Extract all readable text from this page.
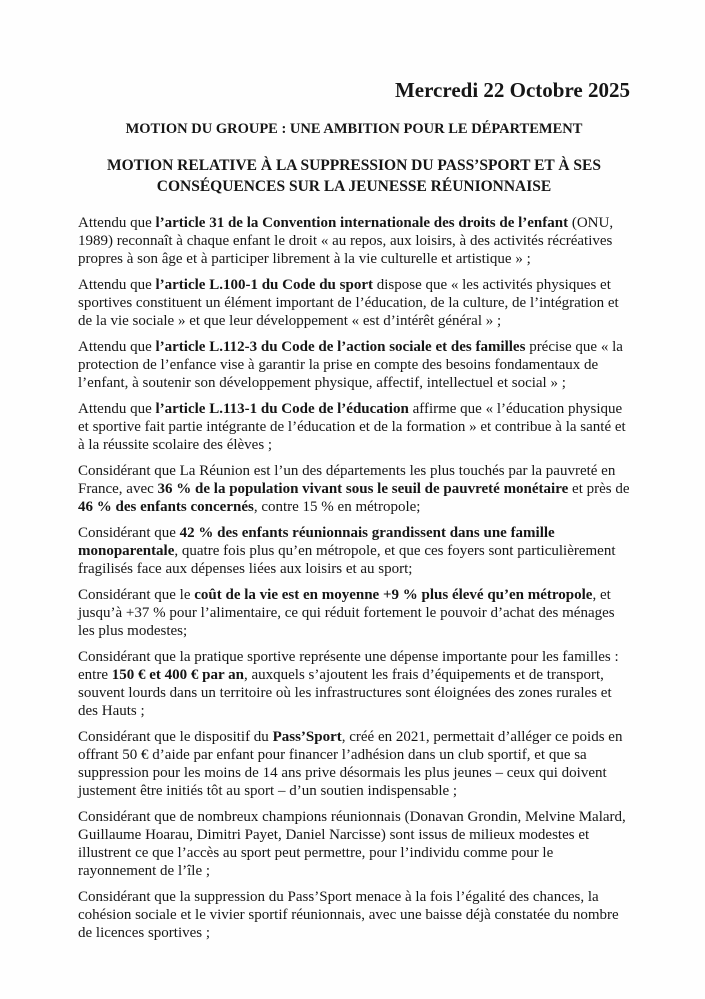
Mercredi 22 Octobre 2025
MOTION DU GROUPE : UNE AMBITION POUR LE DÉPARTEMENT
MOTION RELATIVE À LA SUPPRESSION DU PASS’SPORT ET À SES CONSÉQUENCES SUR LA JEUNESSE RÉUNIONNAISE

Attendu que l’article 31 de la Convention internationale des droits de l’enfant (ONU, 1989) reconnaît à chaque enfant le droit « au repos, aux loisirs, à des activités récréatives propres à son âge et à participer librement à la vie culturelle et artistique » ;

Attendu que l’article L.100-1 du Code du sport dispose que « les activités physiques et sportives constituent un élément important de l’éducation, de la culture, de l’intégration et de la vie sociale » et que leur développement « est d’intérêt général » ;

Attendu que l’article L.112-3 du Code de l’action sociale et des familles précise que « la protection de l’enfance vise à garantir la prise en compte des besoins fondamentaux de l’enfant, à soutenir son développement physique, affectif, intellectuel et social » ;

Attendu que l’article L.113-1 du Code de l’éducation affirme que « l’éducation physique et sportive fait partie intégrante de l’éducation et de la formation » et contribue à la santé et à la réussite scolaire des élèves ;

Considérant que La Réunion est l’un des départements les plus touchés par la pauvreté en France, avec 36 % de la population vivant sous le seuil de pauvreté monétaire et près de 46 % des enfants concernés, contre 15 % en métropole;

Considérant que 42 % des enfants réunionnais grandissent dans une famille monoparentale, quatre fois plus qu’en métropole, et que ces foyers sont particulièrement fragilisés face aux dépenses liées aux loisirs et au sport;

Considérant que le coût de la vie est en moyenne +9 % plus élevé qu’en métropole, et jusqu’à +37 % pour l’alimentaire, ce qui réduit fortement le pouvoir d’achat des ménages les plus modestes;

Considérant que la pratique sportive représente une dépense importante pour les familles : entre 150 € et 400 € par an, auxquels s’ajoutent les frais d’équipements et de transport, souvent lourds dans un territoire où les infrastructures sont éloignées des zones rurales et des Hauts ;

Considérant que le dispositif du Pass’Sport, créé en 2021, permettait d’alléger ce poids en offrant 50 € d’aide par enfant pour financer l’adhésion dans un club sportif, et que sa suppression pour les moins de 14 ans prive désormais les plus jeunes – ceux qui doivent justement être initiés tôt au sport – d’un soutien indispensable ;

Considérant que de nombreux champions réunionnais (Donavan Grondin, Melvine Malard, Guillaume Hoarau, Dimitri Payet, Daniel Narcisse) sont issus de milieux modestes et illustrent ce que l’accès au sport peut permettre, pour l’individu comme pour le rayonnement de l’île ;

Considérant que la suppression du Pass’Sport menace à la fois l’égalité des chances, la cohésion sociale et le vivier sportif réunionnais, avec une baisse déjà constatée du nombre de licences sportives ;
